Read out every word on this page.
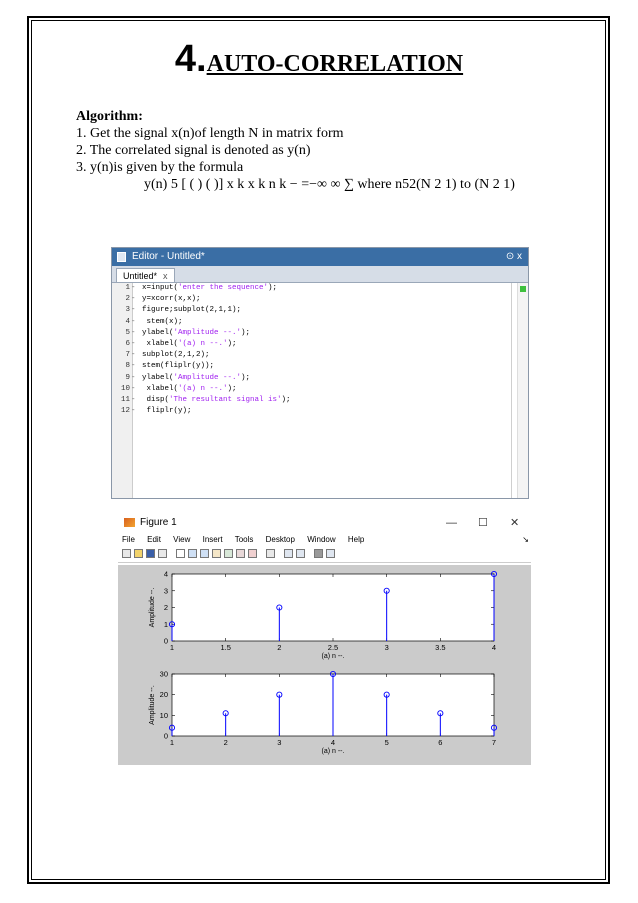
4.AUTO-CORRELATION
Algorithm:
1. Get the signal x(n)of length N in matrix form
2. The correlated signal is denoted as y(n)
3. y(n)is given by the formula
y(n) 5 [ ( ) ( )] x k x k n k − =−∞ ∞ ∑ where n52(N 2 1) to (N 2 1)
Editor - Untitled*	⊙ x
Untitled* x
1 - x=input('enter the sequence');
2 - y=xcorr(x,x);
3 - figure;subplot(2,1,1);
4 - stem(x);
5 - ylabel('Amplitude --.');
6 - xlabel('(a) n --.');
7 - subplot(2,1,2);
8 - stem(fliplr(y));
9 - ylabel('Amplitude --.');
10 - xlabel('(a) n --.');
11 - disp('The resultant signal is');
12 - fliplr(y);
Figure 1	— ☐ ✕
File Edit View Insert Tools Desktop Window Help	↘
1	1.5	2	2.5	3	3.5	4
0
1
2
3
4
(a) n --.
Amplitude --.
1	2	3	4	5	6	7
0
10
20
30
(a) n --.
Amplitude --.
